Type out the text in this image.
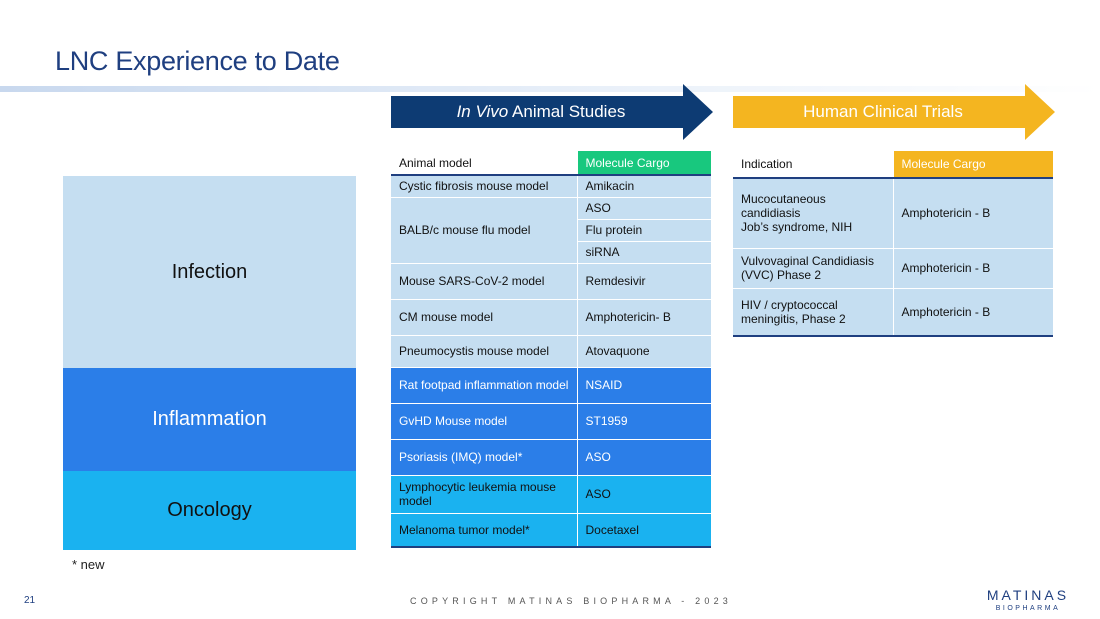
LNC Experience to Date
In Vivo Animal Studies	Human Clinical Trials
Infection
Inflammation
Oncology
Animal model	Molecule Cargo
Cystic fibrosis mouse model	Amikacin
BALB/c mouse flu model	ASO
	Flu protein
	siRNA
Mouse SARS-CoV-2 model	Remdesivir
CM mouse model	Amphotericin- B
Pneumocystis mouse model	Atovaquone
Rat footpad inflammation model	NSAID
GvHD Mouse model	ST1959
Psoriasis (IMQ) model*	ASO
Lymphocytic leukemia mouse model	ASO
Melanoma tumor model*	Docetaxel
Indication	Molecule Cargo

Mucocutaneous
candidiasis
Job’s syndrome, NIH	Amphotericin - B

Vulvovaginal Candidiasis
(VVC) Phase 2	Amphotericin - B

HIV / cryptococcal
meningitis, Phase 2	Amphotericin - B
* new
21	COPYRIGHT MATINAS BIOPHARMA - 2023	MATINAS
BIOPHARMA
